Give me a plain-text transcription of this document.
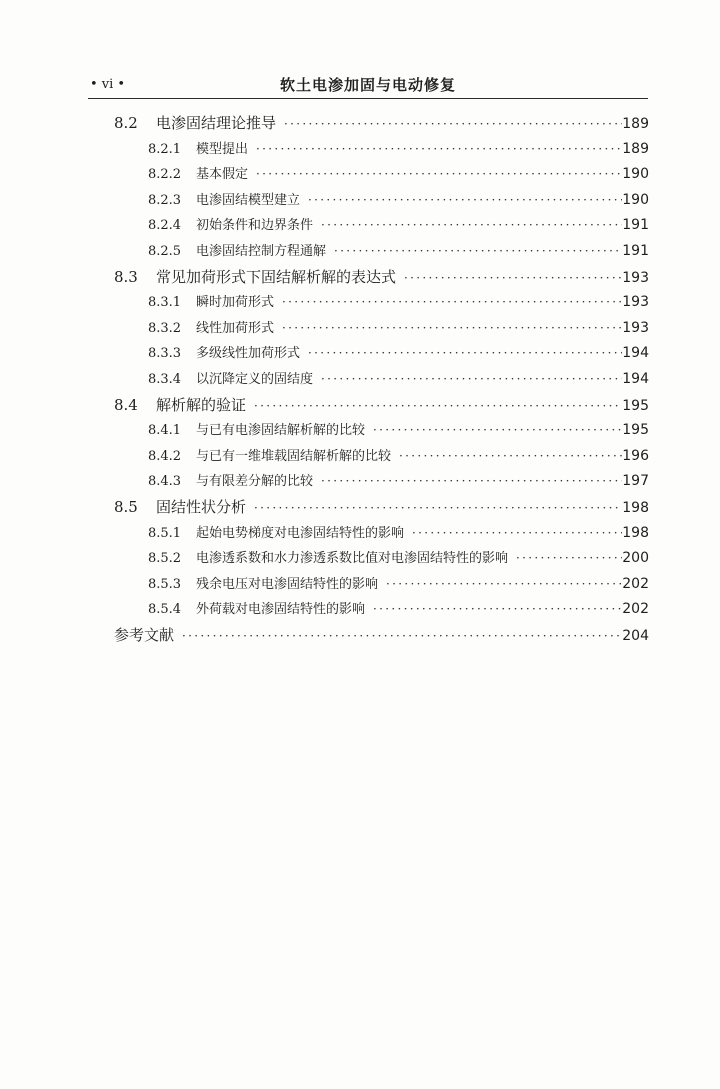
• vi •	软土电渗加固与电动修复
8.2	电渗固结理论推导 ·····	189
8.2.1	模型提出 ·····	189
8.2.2	基本假定 ·····	190
8.2.3	电渗固结模型建立 ·····	190
8.2.4	初始条件和边界条件 ·····	191
8.2.5	电渗固结控制方程通解 ·····	191
8.3	常见加荷形式下固结解析解的表达式 ·····	193
8.3.1	瞬时加荷形式 ·····	193
8.3.2	线性加荷形式 ·····	193
8.3.3	多级线性加荷形式 ·····	194
8.3.4	以沉降定义的固结度 ·····	194
8.4	解析解的验证 ·····	195
8.4.1	与已有电渗固结解析解的比较 ·····	195
8.4.2	与已有一维堆载固结解析解的比较 ·····	196
8.4.3	与有限差分解的比较 ·····	197
8.5	固结性状分析 ·····	198
8.5.1	起始电势梯度对电渗固结特性的影响 ·····	198
8.5.2	电渗透系数和水力渗透系数比值对电渗固结特性的影响 ·····	200
8.5.3	残余电压对电渗固结特性的影响 ·····	202
8.5.4	外荷载对电渗固结特性的影响 ·····	202
参考文献 ·····	204
